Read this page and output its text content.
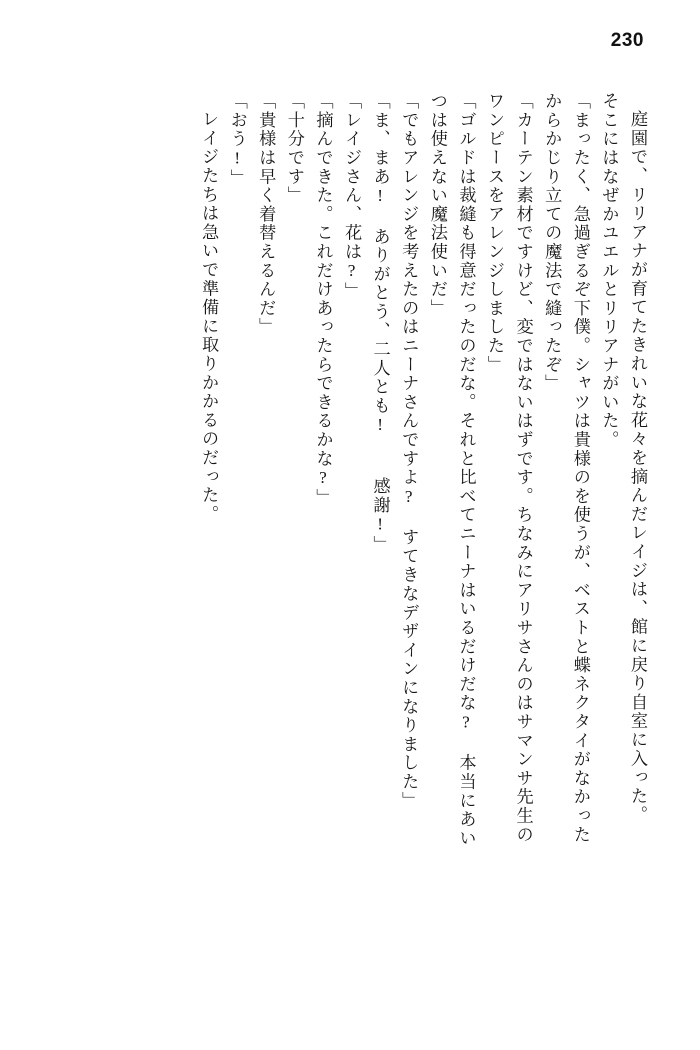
230
庭園で、リリアナが育てたきれいな花々を摘んだレイジは、館に戻り自室に入った。
そこにはなぜかユエルとリリアナがいた。
「まったく、急過ぎるぞ下僕。シャツは貴様のを使うが、ベストと蝶ネクタイがなかった
からかじり立ての魔法で縫ったぞ」
「カーテン素材ですけど、変ではないはずです。ちなみにアリサさんのはサマンサ先生の
ワンピースをアレンジしました」
「ゴルドは裁縫も得意だったのだな。それと比べてニーナはいるだけだな? 本当にあい
つは使えない魔法使いだ」
「でもアレンジを考えたのはニーナさんですよ? すてきなデザインになりました」
「ま、まあ! ありがとう、二人とも!  感謝!」
「レイジさん、花は?」
「摘んできた。これだけあったらできるかな?」
「十分です」
「貴様は早く着替えるんだ」
「おう!」
レイジたちは急いで準備に取りかかるのだった。
